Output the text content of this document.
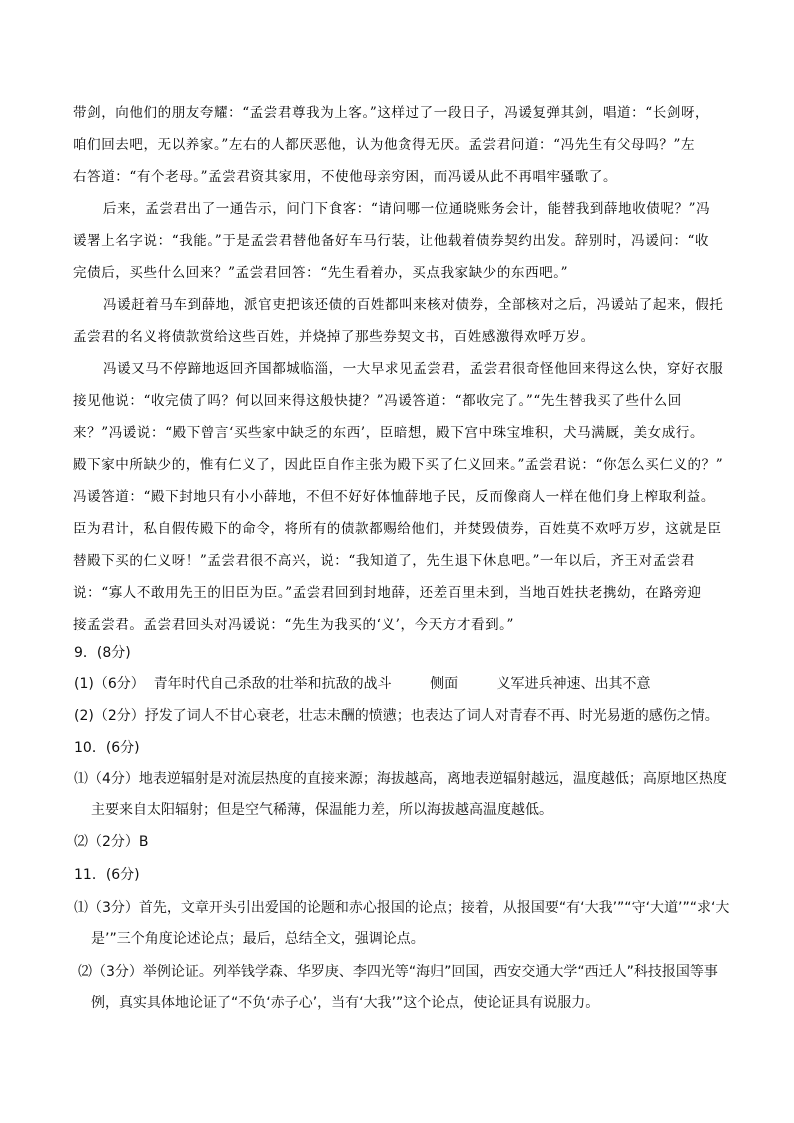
带剑，向他们的朋友夸耀：“孟尝君尊我为上客。”这样过了一段日子，冯谖复弹其剑，唱道：“长剑呀，
咱们回去吧，无以养家。”左右的人都厌恶他，认为他贪得无厌。孟尝君问道：“冯先生有父母吗？”左
右答道：“有个老母。”孟尝君资其家用，不使他母亲穷困，而冯谖从此不再唱牢骚歌了。
后来，孟尝君出了一通告示，问门下食客：“请问哪一位通晓账务会计，能替我到薛地收债呢？”冯
谖署上名字说：“我能。”于是孟尝君替他备好车马行装，让他载着债券契约出发。辞别时，冯谖问：“收
完债后，买些什么回来？”孟尝君回答：“先生看着办，买点我家缺少的东西吧。”
冯谖赶着马车到薛地，派官吏把该还债的百姓都叫来核对债券，全部核对之后，冯谖站了起来，假托
孟尝君的名义将债款赏给这些百姓，并烧掉了那些券契文书，百姓感激得欢呼万岁。
冯谖又马不停蹄地返回齐国都城临淄，一大早求见孟尝君，孟尝君很奇怪他回来得这么快，穿好衣服
接见他说：“收完债了吗？何以回来得这般快捷？”冯谖答道：“都收完了。”“先生替我买了些什么回
来？”冯谖说：“殿下曾言‘买些家中缺乏的东西’，臣暗想，殿下宫中珠宝堆积，犬马满厩，美女成行。
殿下家中所缺少的，惟有仁义了，因此臣自作主张为殿下买了仁义回来。”孟尝君说：“你怎么买仁义的？”
冯谖答道：“殿下封地只有小小薛地，不但不好好体恤薛地子民，反而像商人一样在他们身上榨取利益。
臣为君计，私自假传殿下的命令，将所有的债款都赐给他们，并焚毁债券，百姓莫不欢呼万岁，这就是臣
替殿下买的仁义呀！”孟尝君很不高兴，说：“我知道了，先生退下休息吧。”一年以后，齐王对孟尝君
说：“寡人不敢用先王的旧臣为臣。”孟尝君回到封地薛，还差百里未到，当地百姓扶老携幼，在路旁迎
接孟尝君。孟尝君回头对冯谖说：“先生为我买的‘义’，今天方才看到。”
9．(8分)
(1)（6分） 青年时代自己杀敌的壮举和抗敌的战斗	侧面	义军进兵神速、出其不意
(2)（2分）抒发了词人不甘心衰老，壮志未酬的愤懑；也表达了词人对青春不再、时光易逝的感伤之情。
10．(6分)
⑴（4分）地表逆辐射是对流层热度的直接来源；海拔越高，离地表逆辐射越远，温度越低；高原地区热度
主要来自太阳辐射；但是空气稀薄，保温能力差，所以海拔越高温度越低。
⑵（2分）B
11．(6分)
⑴（3分）首先，文章开头引出爱国的论题和赤心报国的论点；接着，从报国要“有‘大我’”“守‘大道’”“求‘大
是’”三个角度论述论点；最后，总结全文，强调论点。
⑵（3分）举例论证。列举钱学森、华罗庚、李四光等“海归”回国，西安交通大学“西迁人”科技报国等事
例，真实具体地论证了“不负‘赤子心’，当有‘大我’”这个论点，使论证具有说服力。
